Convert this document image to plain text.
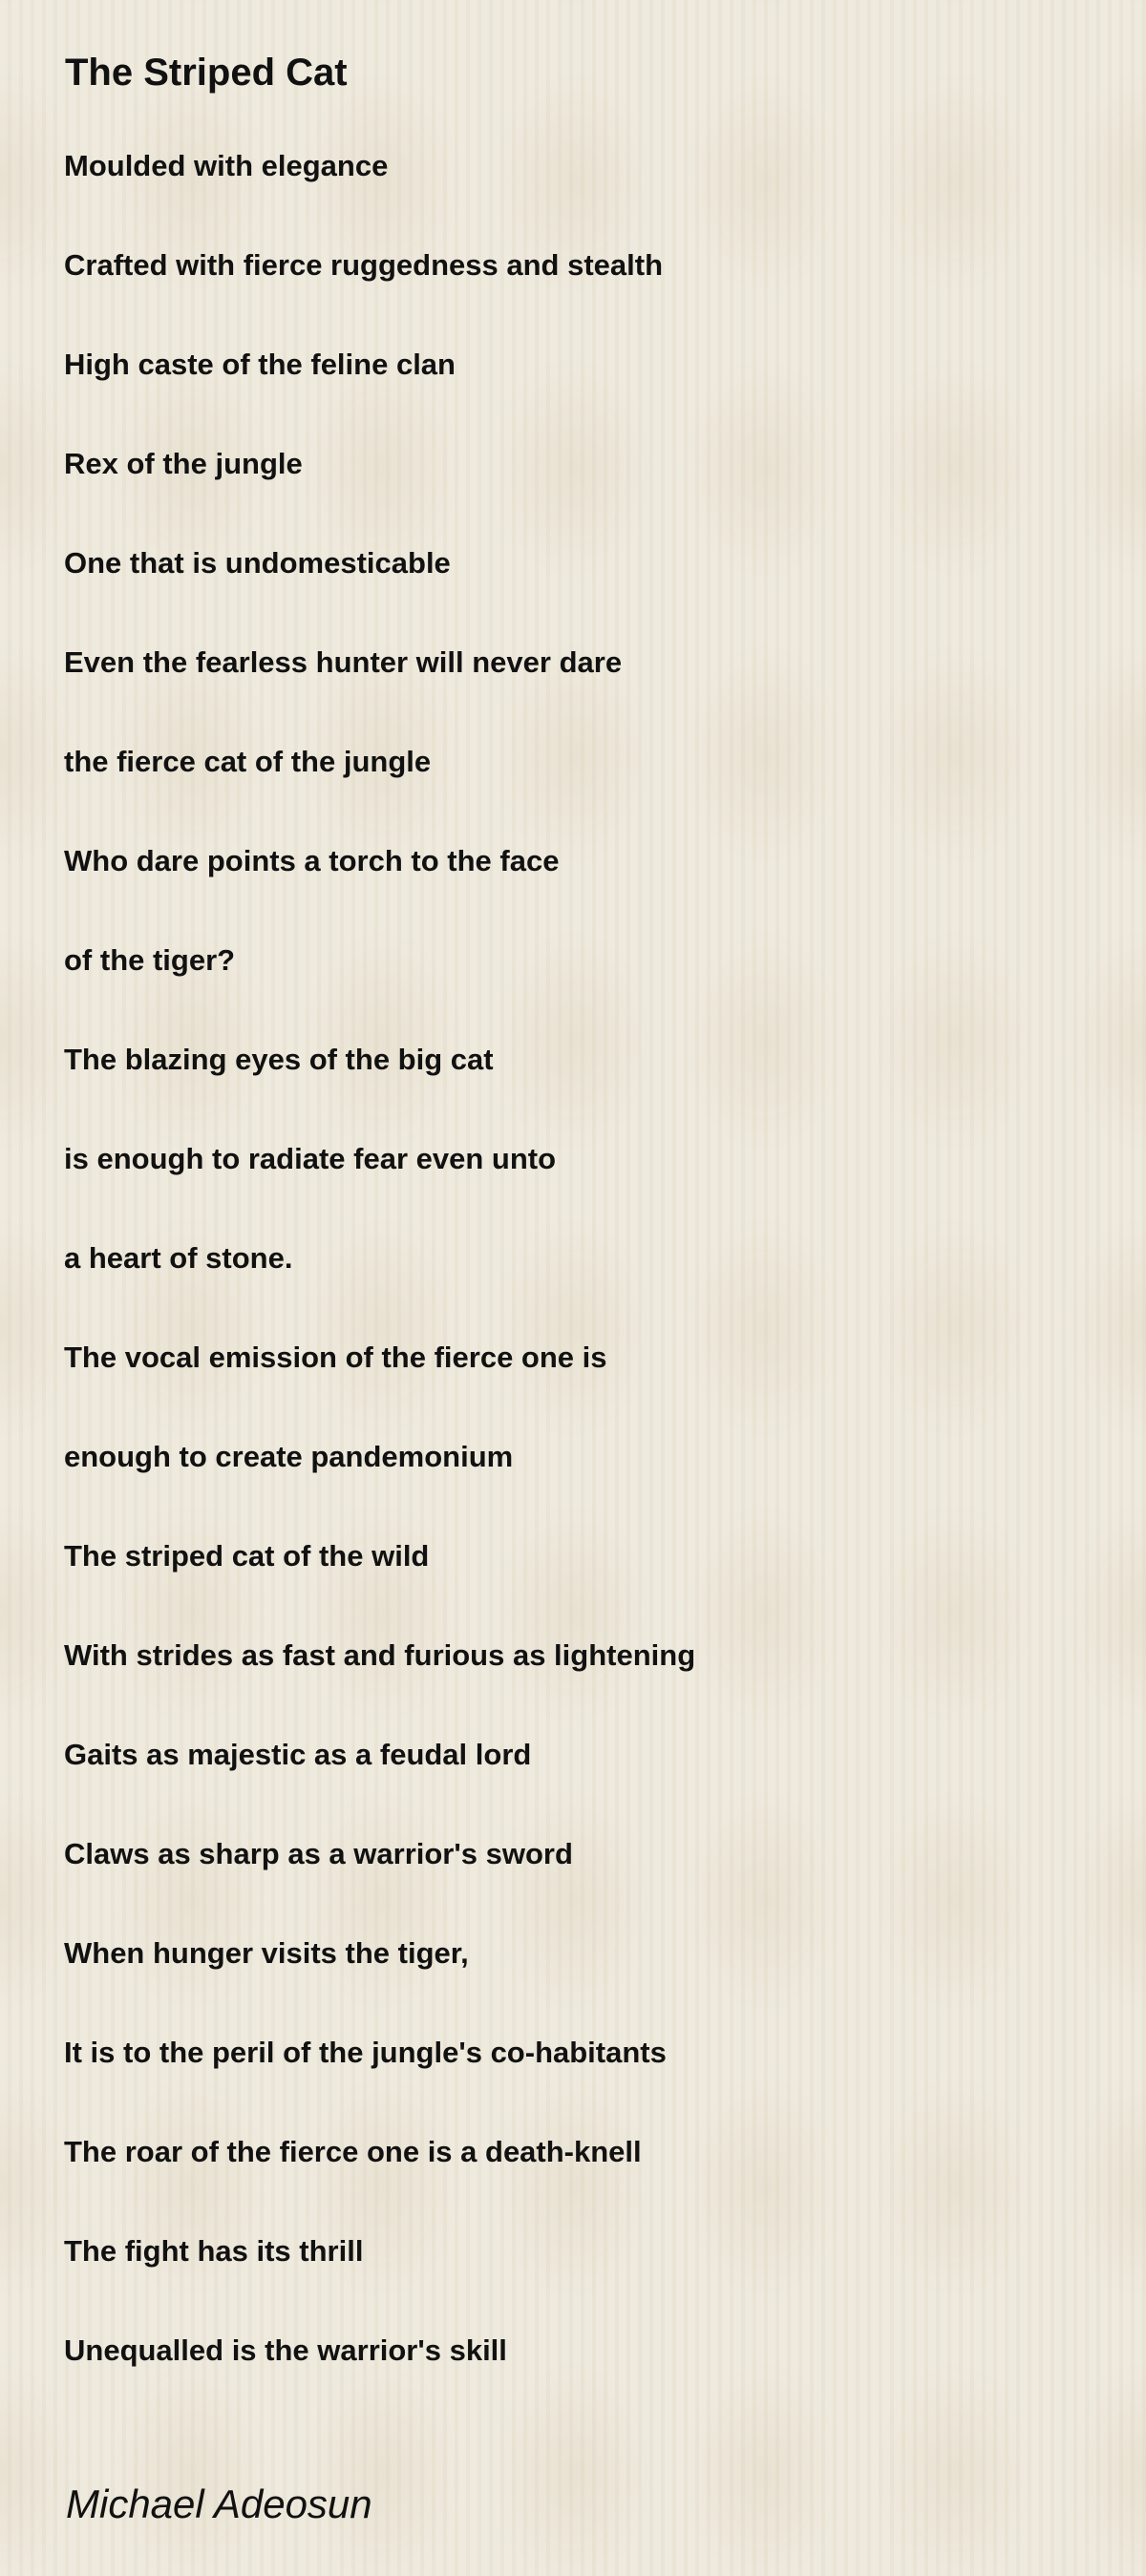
The Striped Cat
Moulded with elegance
Crafted with fierce ruggedness and stealth
High caste of the feline clan
Rex of the jungle
One that is undomesticable
Even the fearless hunter will never dare
the fierce cat of the jungle
Who dare points a torch to the face
of the tiger?
The blazing eyes of the big cat
is enough to radiate fear even unto
a heart of stone.
The vocal emission of the fierce one is
enough to create pandemonium
The striped cat of the wild
With strides as fast and furious as lightening
Gaits as majestic as a feudal lord
Claws as sharp as a warrior's sword
When hunger visits the tiger,
It is to the peril of the jungle's co-habitants
The roar of the fierce one is a death-knell
The fight has its thrill
Unequalled is the warrior's skill

Michael Adeosun
